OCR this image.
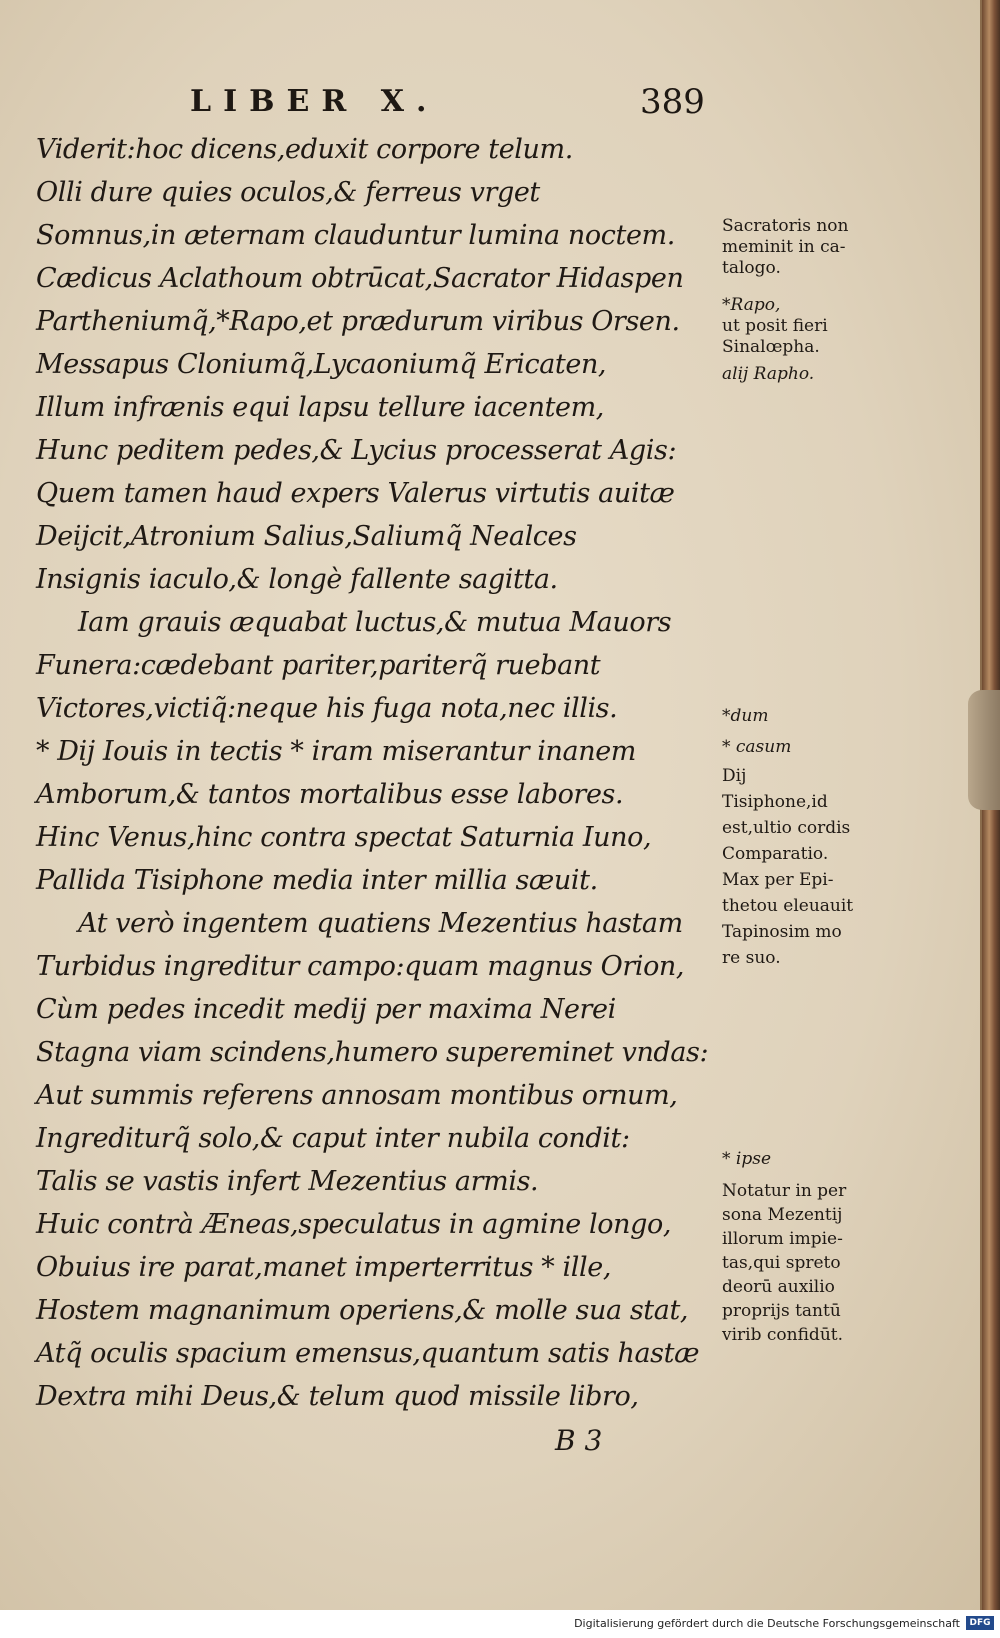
LIBER X.	389
Viderit:hoc dicens,eduxit corpore telum.
Olli dure quies oculos,& ferreus vrget
Somnus,in æternam clauduntur lumina noctem.
Cædicus Aclathoum obtrūcat,Sacrator Hidaspen
Partheniumq̃,*Rapo,et prædurum viribus Orsen.
Messapus Cloniumq̃,Lycaoniumq̃ Ericaten,
Illum infrænis equi lapsu tellure iacentem,
Hunc peditem pedes,& Lycius processerat Agis:
Quem tamen haud expers Valerus virtutis auitæ
Deijcit,Atronium Salius,Saliumq̃ Nealces
Insignis iaculo,& longè fallente sagitta.
Iam grauis æquabat luctus,& mutua Mauors
Funera:cædebant pariter,pariterq̃ ruebant
Victores,victiq̃:neque his fuga nota,nec illis.
* Dij Iouis in tectis * iram miserantur inanem
Amborum,& tantos mortalibus esse labores.
Hinc Venus,hinc contra spectat Saturnia Iuno,
Pallida Tisiphone media inter millia sæuit.
At verò ingentem quatiens Mezentius hastam
Turbidus ingreditur campo:quam magnus Orion,
Cùm pedes incedit medij per maxima Nerei
Stagna viam scindens,humero supereminet vndas:
Aut summis referens annosam montibus ornum,
Ingrediturq̃ solo,& caput inter nubila condit:
Talis se vastis infert Mezentius armis.
Huic contrà Æneas,speculatus in agmine longo,
Obuius ire parat,manet imperterritus * ille,
Hostem magnanimum operiens,& molle sua stat,
Atq̃ oculis spacium emensus,quantum satis hastæ
Dextra mihi Deus,& telum quod missile libro,
Sacratoris non
meminit in ca-
talogo.
*Rapo,
ut posit fieri
Sinalœpha.
alij Rapho.
*dum
* casum
Dij
Tisiphone,id
est,ultio cordis
Comparatio.
Max per Epi-
thetou eleuauit
Tapinosim mo
re suo.
* ipse
Notatur in per
sona Mezentij
illorum impie-
tas,qui spreto
deorū auxilio
proprijs tantū
virib confidūt.
B 3
Digitalisierung gefördert durch die Deutsche Forschungsgemeinschaft	DFG
